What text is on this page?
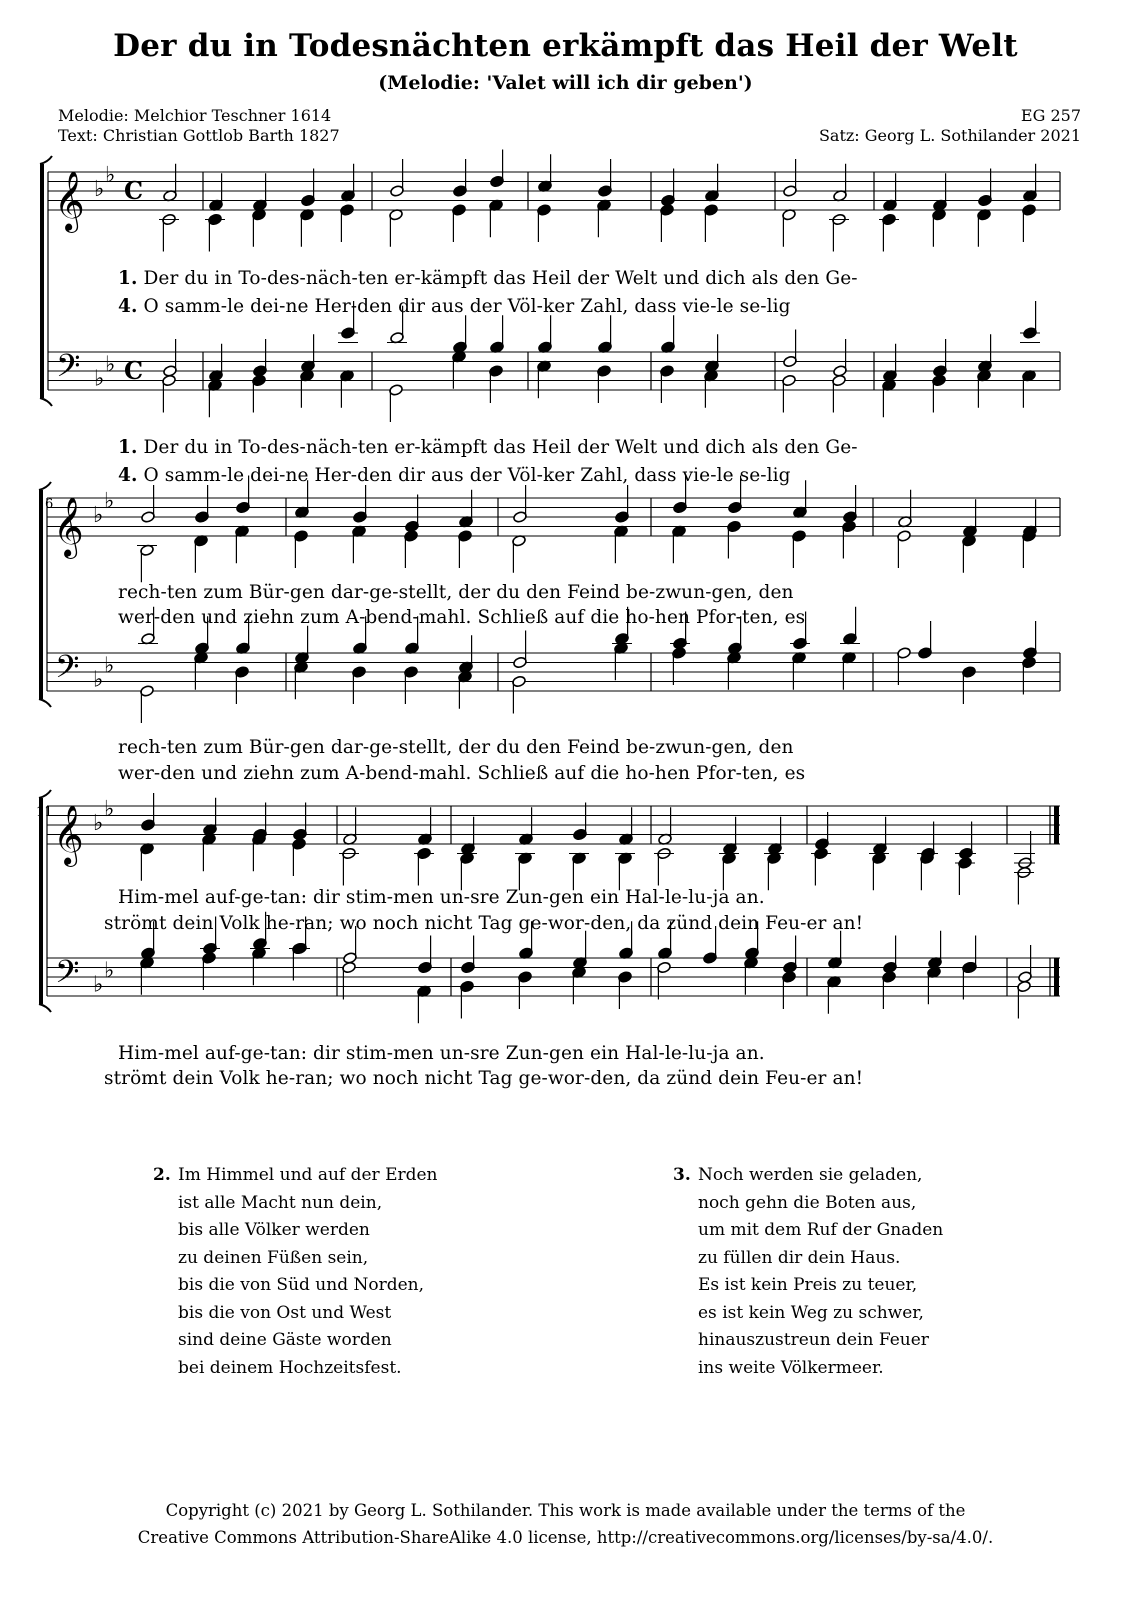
Der du in Todesnächten erkämpft das Heil der Welt
(Melodie: 'Valet will ich dir geben')
Melodie: Melchior Teschner 1614
Text: Christian Gottlob Barth 1827
EG 257
Satz: Georg L. Sothilander 2021
𝄞 ♭
♭
C
𝄢 ♭
♭ C
𝄞 ♭
♭
𝄢 ♭
♭
𝄞 ♭
♭
𝄢 ♭
♭
6
11
1. Der du in To-des-näch-ten er-kämpft das Heil der Welt und dich als den Ge-
4. O samm-le dei-ne Her-den dir aus der Völ-ker Zahl, dass vie-le se-lig
1. Der du in To-des-näch-ten er-kämpft das Heil der Welt und dich als den Ge-
4. O samm-le dei-ne Her-den dir aus der Völ-ker Zahl, dass vie-le se-lig
rech-ten zum Bür-gen dar-ge-stellt, der du den Feind be-zwun-gen, den
wer-den und ziehn zum A-bend-mahl. Schließ auf die ho-hen Pfor-ten, es
rech-ten zum Bür-gen dar-ge-stellt, der du den Feind be-zwun-gen, den
wer-den und ziehn zum A-bend-mahl. Schließ auf die ho-hen Pfor-ten, es
Him-mel auf-ge-tan: dir stim-men un-sre Zun-gen ein Hal-le-lu-ja an.
strömt dein Volk he-ran; wo noch nicht Tag ge-wor-den, da zünd dein Feu-er an!
Him-mel auf-ge-tan: dir stim-men un-sre Zun-gen ein Hal-le-lu-ja an.
strömt dein Volk he-ran; wo noch nicht Tag ge-wor-den, da zünd dein Feu-er an!
2. Im Himmel und auf der Erden
ist alle Macht nun dein,
bis alle Völker werden
zu deinen Füßen sein,
bis die von Süd und Norden,
bis die von Ost und West
sind deine Gäste worden
bei deinem Hochzeitsfest.
3. Noch werden sie geladen,
noch gehn die Boten aus,
um mit dem Ruf der Gnaden
zu füllen dir dein Haus.
Es ist kein Preis zu teuer,
es ist kein Weg zu schwer,
hinauszustreun dein Feuer
ins weite Völkermeer.
Copyright (c) 2021 by Georg L. Sothilander. This work is made available under the terms of the
Creative Commons Attribution-ShareAlike 4.0 license, http://creativecommons.org/licenses/by-sa/4.0/.
